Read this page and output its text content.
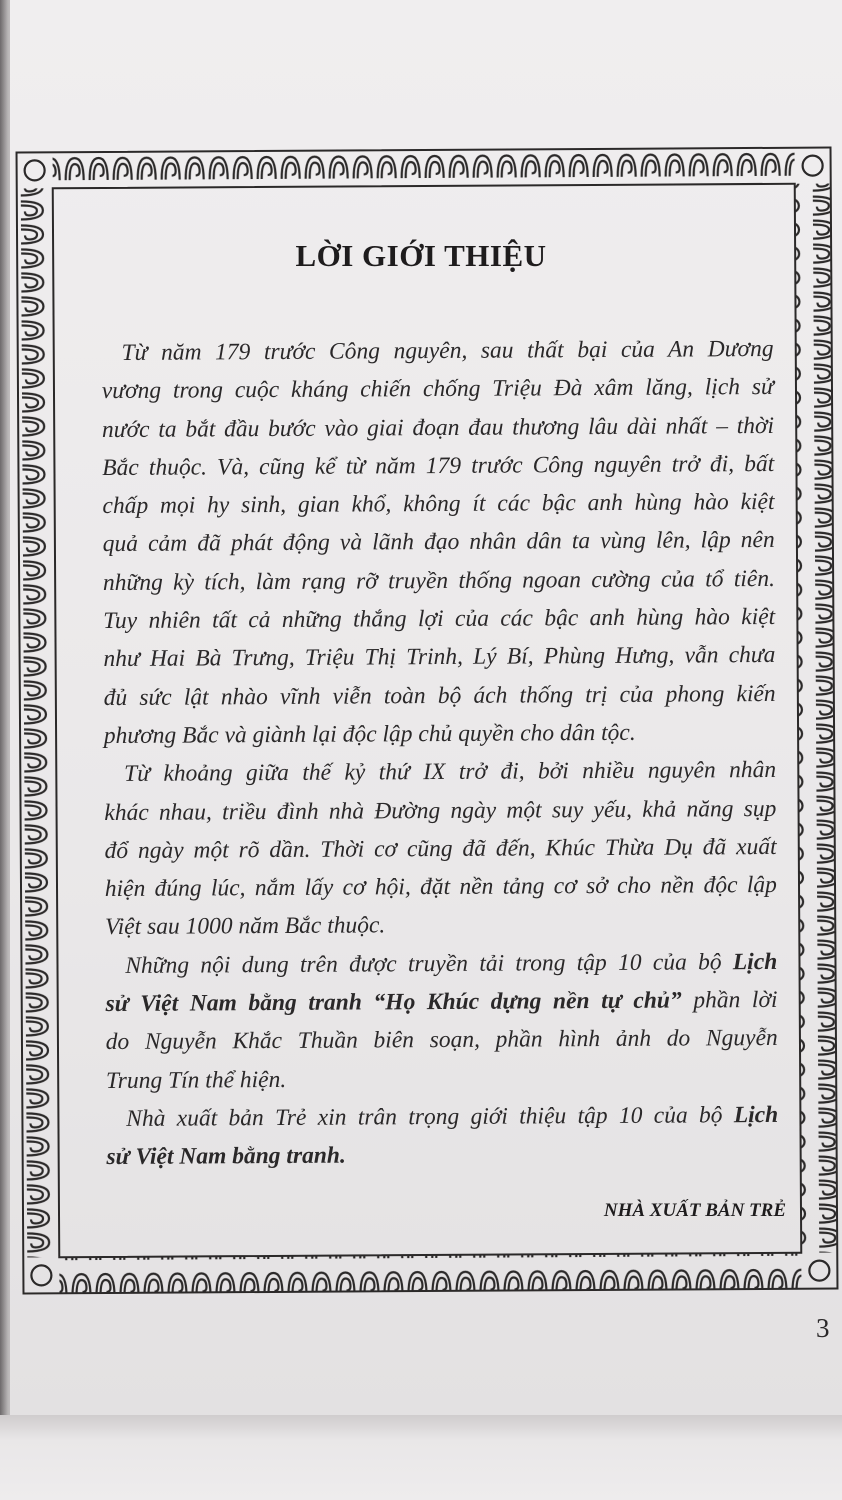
LỜI GIỚI THIỆU
Từ năm 179 trước Công nguyên, sau thất bại của An Dương
vương trong cuộc kháng chiến chống Triệu Đà xâm lăng, lịch sử
nước ta bắt đầu bước vào giai đoạn đau thương lâu dài nhất – thời
Bắc thuộc. Và, cũng kể từ năm 179 trước Công nguyên trở đi, bất
chấp mọi hy sinh, gian khổ, không ít các bậc anh hùng hào kiệt
quả cảm đã phát động và lãnh đạo nhân dân ta vùng lên, lập nên
những kỳ tích, làm rạng rỡ truyền thống ngoan cường của tổ tiên.
Tuy nhiên tất cả những thắng lợi của các bậc anh hùng hào kiệt
như Hai Bà Trưng, Triệu Thị Trinh, Lý Bí, Phùng Hưng, vẫn chưa
đủ sức lật nhào vĩnh viễn toàn bộ ách thống trị của phong kiến
phương Bắc và giành lại độc lập chủ quyền cho dân tộc.
Từ khoảng giữa thế kỷ thứ IX trở đi, bởi nhiều nguyên nhân
khác nhau, triều đình nhà Đường ngày một suy yếu, khả năng sụp
đổ ngày một rõ dần. Thời cơ cũng đã đến, Khúc Thừa Dụ đã xuất
hiện đúng lúc, nắm lấy cơ hội, đặt nền tảng cơ sở cho nền độc lập
Việt sau 1000 năm Bắc thuộc.
Những nội dung trên được truyền tải trong tập 10 của bộ Lịch
sử Việt Nam bằng tranh “Họ Khúc dựng nền tự chủ” phần lời
do Nguyễn Khắc Thuần biên soạn, phần hình ảnh do Nguyễn
Trung Tín thể hiện.
Nhà xuất bản Trẻ xin trân trọng giới thiệu tập 10 của bộ Lịch
sử Việt Nam bằng tranh.
NHÀ XUẤT BẢN TRẺ
3
